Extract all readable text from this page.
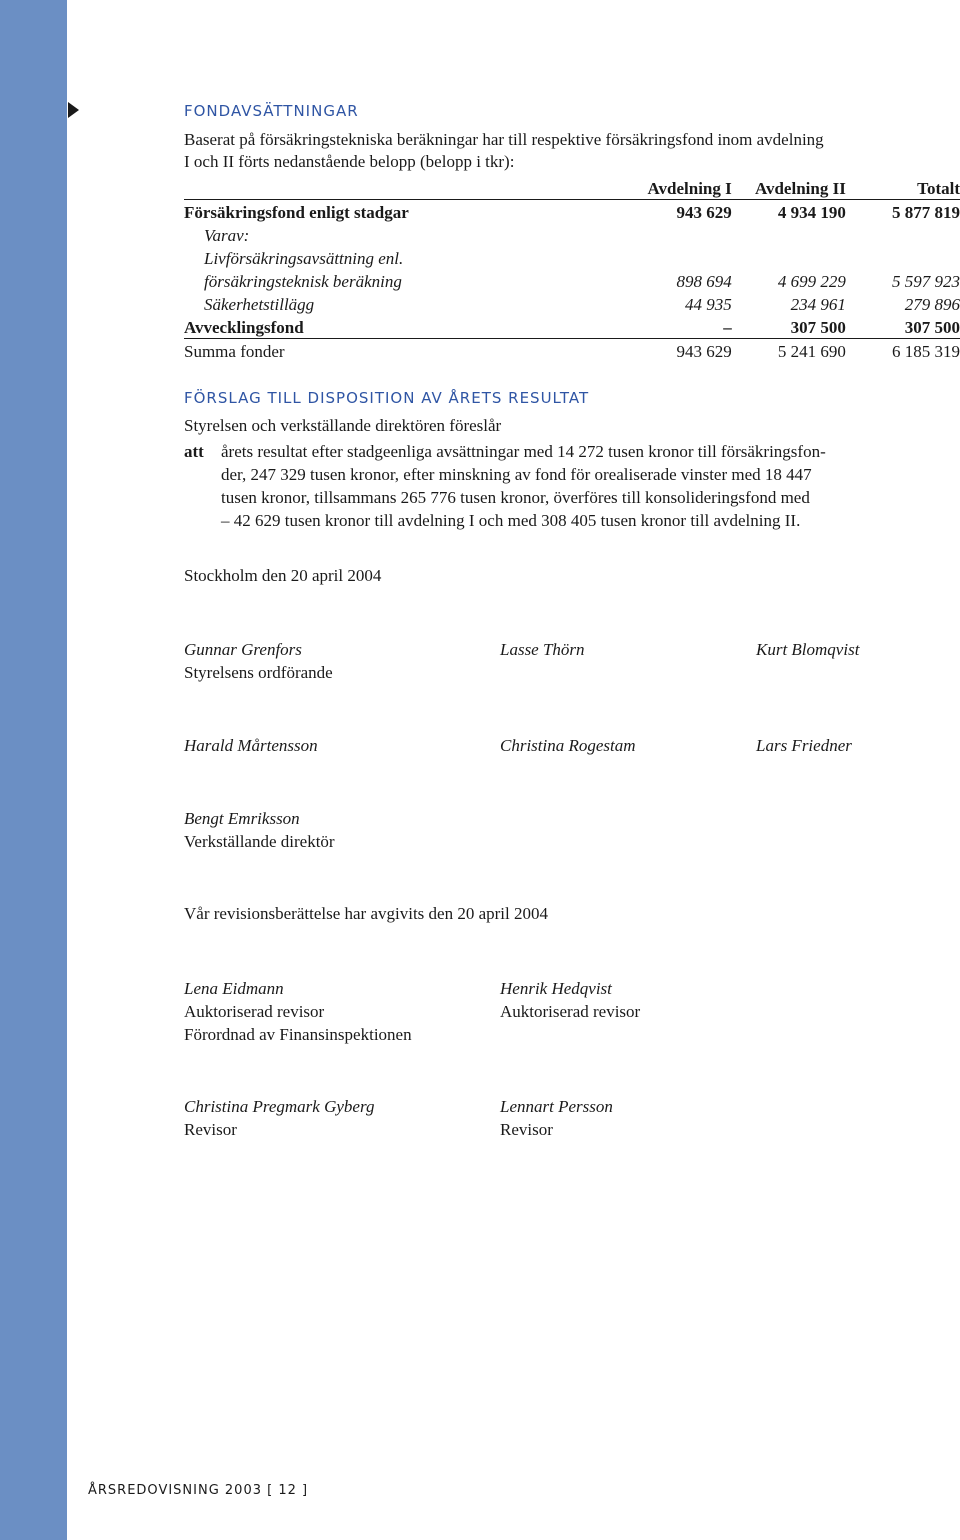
FONDAVSÄTTNINGAR
Baserat på försäkringstekniska beräkningar har till respektive försäkringsfond inom avdelning
I och II förts nedanstående belopp (belopp i tkr):
	Avdelning I	Avdelning II	Totalt
Försäkringsfond enligt stadgar	943 629	4 934 190	5 877 819
Varav:			
Livförsäkringsavsättning enl.			
försäkringsteknisk beräkning	898 694	4 699 229	5 597 923
Säkerhetstillägg	44 935	234 961	279 896
Avvecklingsfond	–	307 500	307 500
Summa fonder	943 629	5 241 690	6 185 319
FÖRSLAG TILL DISPOSITION AV ÅRETS RESULTAT
Styrelsen och verkställande direktören föreslår
att årets resultat efter stadgeenliga avsättningar med 14 272 tusen kronor till försäkringsfon-
der, 247 329 tusen kronor, efter minskning av fond för orealiserade vinster med 18 447
tusen kronor, tillsammans 265 776 tusen kronor, överföres till konsolideringsfond med
– 42 629 tusen kronor till avdelning I och med 308 405 tusen kronor till avdelning II.
Stockholm den 20 april 2004
Gunnar Grenfors
Styrelsens ordförande
Lasse Thörn	Kurt Blomqvist
Harald Mårtensson	Christina Rogestam	Lars Friedner
Bengt Emriksson
Verkställande direktör
Vår revisionsberättelse har avgivits den 20 april 2004
Lena Eidmann
Auktoriserad revisor
Förordnad av Finansinspektionen
Henrik Hedqvist
Auktoriserad revisor
Christina Pregmark Gyberg
Revisor
Lennart Persson
Revisor
ÅRSREDOVISNING 2003 [ 12 ]
